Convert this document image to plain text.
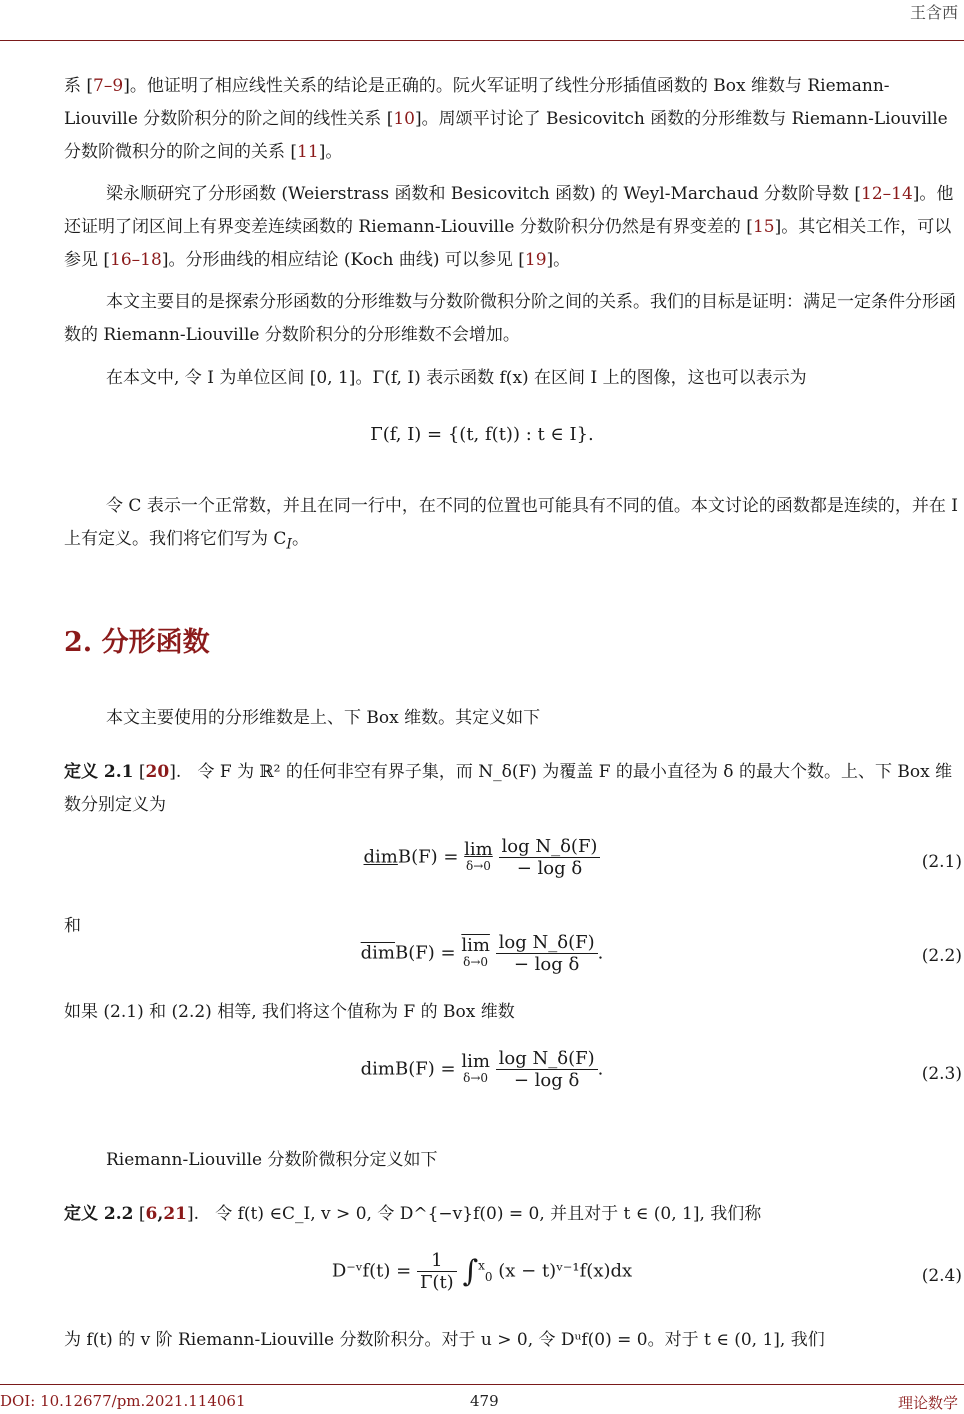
王含西

系 [7–9]。他证明了相应线性关系的结论是正确的。阮火军证明了线性分形插值函数的 Box 维数与 Riemann-Liouville 分数阶积分的阶之间的线性关系 [10]。周颂平讨论了 Besicovitch 函数的分形维数与 Riemann-Liouville 分数阶微积分的阶之间的关系 [11]。

梁永顺研究了分形函数 (Weierstrass 函数和 Besicovitch 函数) 的 Weyl-Marchaud 分数阶导数 [12–14]。他还证明了闭区间上有界变差连续函数的 Riemann-Liouville 分数阶积分仍然是有界变差的 [15]。其它相关工作，可以参见 [16–18]。分形曲线的相应结论 (Koch 曲线) 可以参见 [19]。

本文主要目的是探索分形函数的分形维数与分数阶微积分阶之间的关系。我们的目标是证明：满足一定条件分形函数的 Riemann-Liouville 分数阶积分的分形维数不会增加。

在本文中, 令 I 为单位区间 [0, 1]。Γ(f, I) 表示函数 f(x) 在区间 I 上的图像，这也可以表示为

Γ(f, I) = {(t, f(t)) : t ∈ I}.

令 C 表示一个正常数，并且在同一行中，在不同的位置也可能具有不同的值。本文讨论的函数都是连续的，并在 I 上有定义。我们将它们写为 $C_I$。

2. 分形函数

本文主要使用的分形维数是上、下 Box 维数。其定义如下

定义 2.1 [20].   令 F 为 ℝ² 的任何非空有界子集，而 N_δ(F) 为覆盖 F 的最小直径为 δ 的最大个数。上、下 Box 维数分别定义为

dimB(F) = lim
δ→0
$\frac{\text{log N\_δ(F)}}{\text{− log δ}}$	(2.1)
和
$\overline{dim}B(F) = \overline{lim}$
δ→0
$\frac{\text{log N\_δ(F)}}{\text{− log δ}}$ .	(2.2)

如果 (2.1) 和 (2.2) 相等, 我们将这个值称为 F 的 Box 维数

dimB(F) = lim
δ→0
$\frac{\text{log N\_δ(F)}}{\text{− log δ}}$ .	(2.3)

Riemann-Liouville 分数阶微积分定义如下

定义 2.2 [6,21].   令 f(t) ∈C_I, v > 0, 令 D^{−v}f(0) = 0, 并且对于 t ∈ (0, 1], 我们称

D⁻ᵛf(t) = $\frac{1}{\Gamma(t)} \int^x_0$ (x − t)ᵛ⁻¹f(x)dx	(2.4)

为 f(t) 的 v 阶 Riemann-Liouville 分数阶积分。对于 u > 0, 令 Dᵘf(0) = 0。对于 t ∈ (0, 1], 我们

DOI: 10.12677/pm.2021.114061	479	理论数学
